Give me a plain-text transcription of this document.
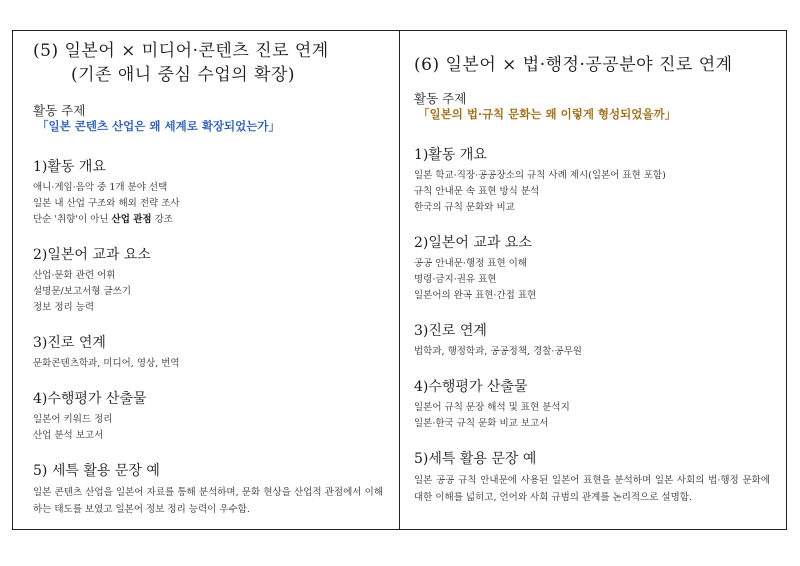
(5) 일본어 × 미디어·콘텐츠 진로 연계
(기존 애니 중심 수업의 확장)
활동 주제
「일본 콘텐츠 산업은 왜 세계로 확장되었는가」
1)활동 개요
애니·게임·음악 중 1개 분야 선택
일본 내 산업 구조와 해외 전략 조사
단순 '취향'이 아닌 산업 관점 강조
2)일본어 교과 요소
산업·문화 관련 어휘
설명문/보고서형 글쓰기
정보 정리 능력
3)진로 연계
문화콘텐츠학과, 미디어, 영상, 번역
4)수행평가 산출물
일본어 키워드 정리
산업 분석 보고서
5) 세특 활용 문장 예
일본 콘텐츠 산업을 일본어 자료를 통해 분석하며, 문화 현상을 산업적 관점에서 이해하는 태도를 보였고 일본어 정보 정리 능력이 우수함.
(6) 일본어 × 법·행정·공공분야 진로 연계
활동 주제
「일본의 법·규칙 문화는 왜 이렇게 형성되었을까」
1)활동 개요
일본 학교·직장·공공장소의 규칙 사례 제시(일본어 표현 포함)
규칙 안내문 속 표현 방식 분석
한국의 규칙 문화와 비교
2)일본어 교과 요소
공공 안내문·행정 표현 이해
명령·금지·권유 표현
일본어의 완곡 표현·간접 표현
3)진로 연계
법학과, 행정학과, 공공정책, 경찰·공무원
4)수행평가 산출물
일본어 규칙 문장 해석 및 표현 분석지
일본·한국 규칙 문화 비교 보고서
5)세특 활용 문장 예
일본 공공 규칙 안내문에 사용된 일본어 표현을 분석하며 일본 사회의 법·행정 문화에 대한 이해를 넓히고, 언어와 사회 규범의 관계를 논리적으로 설명함.
